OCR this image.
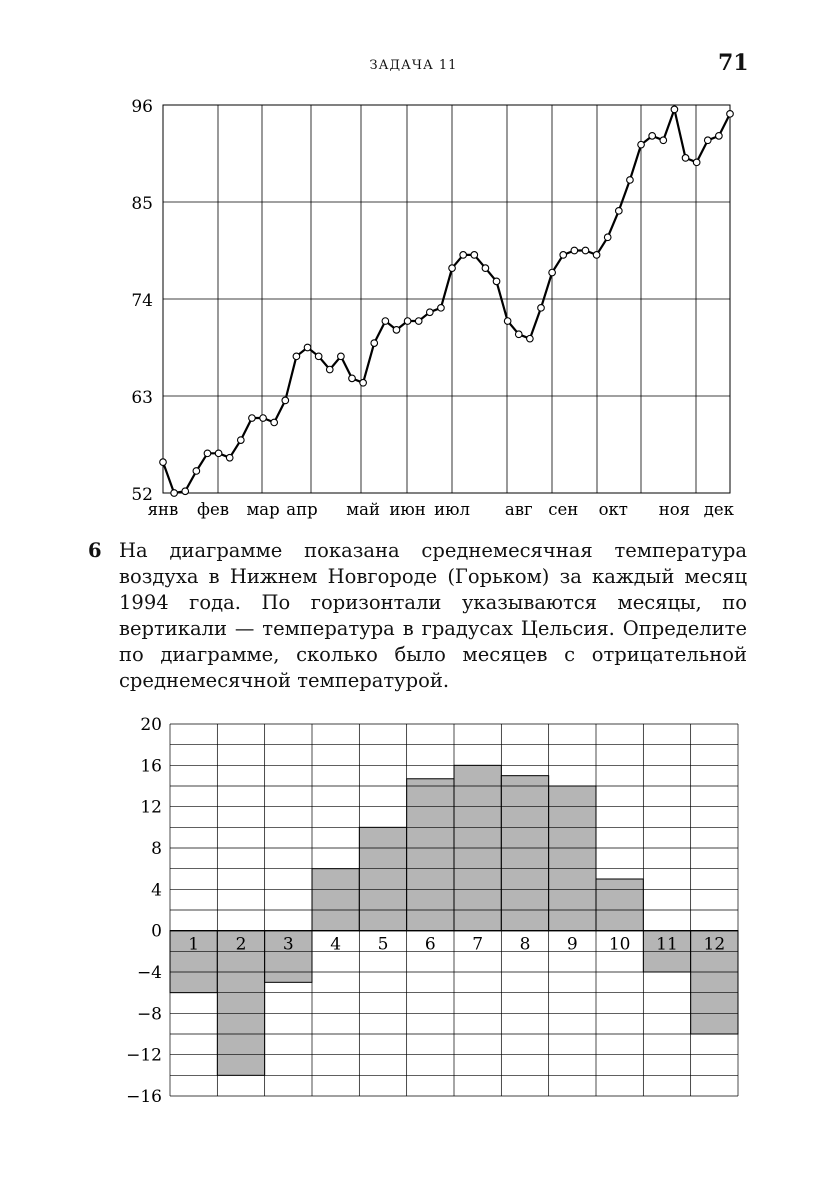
ЗАДАЧА 11	71
52
63
74
85
96
янв фев мар апр май июн июл авг сен окт ноя дек
6 На диаграмме показана среднемесячная температура воздуха в Нижнем Новгороде (Горьком) за каждый месяц 1994 года. По горизонтали указываются месяцы, по вертикали — температура в градусах Цельсия. Определите по диаграмме, сколько было месяцев с отрицательной среднемесячной температурой.
20
16
12
8
4
0
−4
−8
−12
−16
1 2 3 4 5 6 7 8 9 10 11 12
